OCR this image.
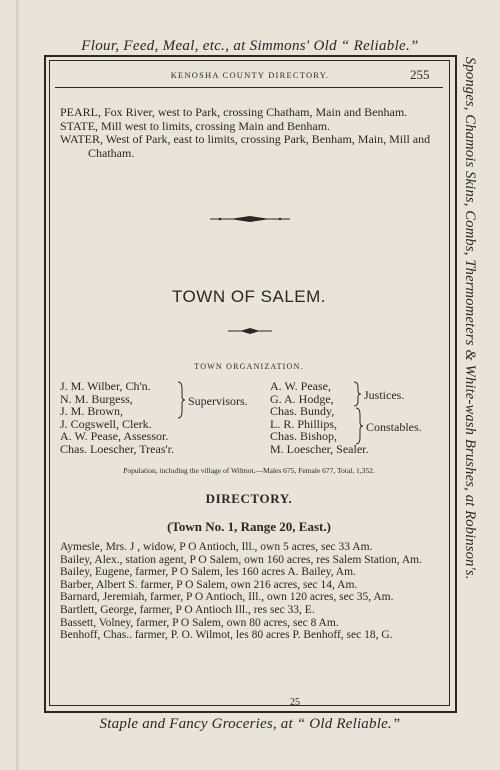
Flour, Feed, Meal, etc., at Simmons' Old “ Reliable.”
Sponges, Chamois Skins, Combs, Thermometers & White-wash Brushes, at Robinson's.
KENOSHA COUNTY DIRECTORY.	255

PEARL, Fox River, west to Park, crossing Chatham, Main and Benham.

STATE, Mill west to limits, crossing Main and Benham.

WATER, West of Park, east to limits, crossing Park, Benham, Main, Mill and Chatham.

TOWN OF SALEM.
TOWN ORGANIZATION.
J. M. Wilber, Ch'n.
N. M. Burgess,
J. M. Brown,
J. Cogswell, Clerk.
A. W. Pease, Assessor.
Chas. Loescher, Treas'r.
Supervisors.
A. W. Pease,
G. A. Hodge,
Chas. Bundy,
L. R. Phillips,
Chas. Bishop,
M. Loescher, Sealer.
Justices.
Constables.
Population, including the village of Wilmot,—Males 675, Female 677, Total, 1,352.
DIRECTORY.
(Town No. 1, Range 20, East.)

Aymesle, Mrs. J , widow, P O Antioch, Ill., own 5 acres, sec 33 Am.

Bailey, Alex., station agent, P O Salem, own 160 acres, res Salem Station, Am.

Bailey, Eugene, farmer, P O Salem, les 160 acres A. Bailey, Am.

Barber, Albert S. farmer, P O Salem, own 216 acres, sec 14, Am.

Barnard, Jeremiah, farmer, P O Antioch, Ill., own 120 acres, sec 35, Am.

Bartlett, George, farmer, P O Antioch Ill., res sec 33, E.

Bassett, Volney, farmer, P O Salem, own 80 acres, sec 8 Am.

Benhoff, Chas.. farmer, P. O. Wilmot, les 80 acres P. Benhoff, sec 18, G.

25
Staple and Fancy Groceries, at “ Old Reliable.”
